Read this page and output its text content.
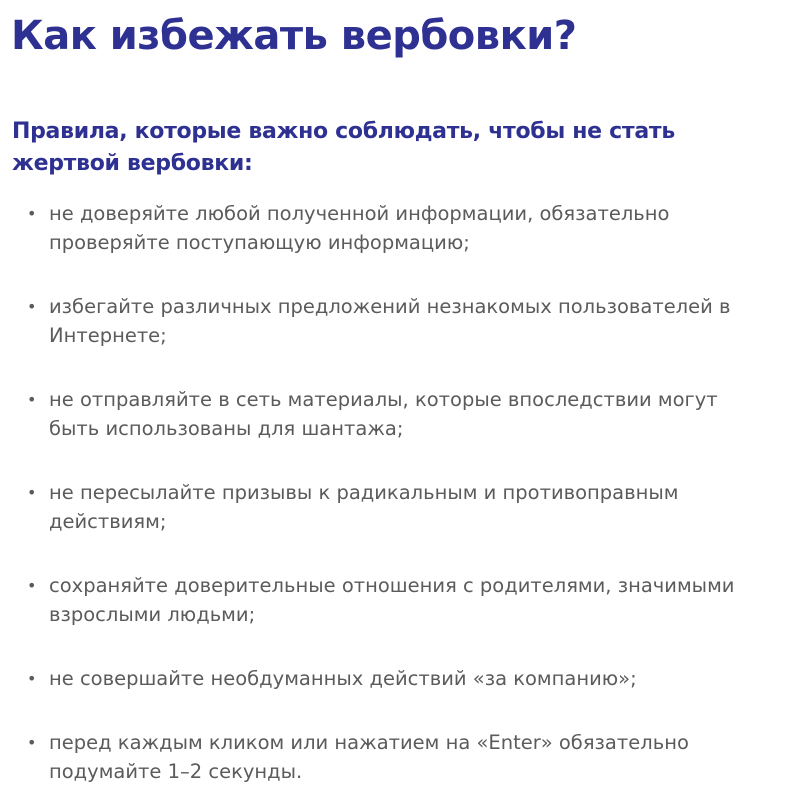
Как избежать вербовки?
Правила, которые важно соблюдать, чтобы не стать жертвой вербовки:
• не доверяйте любой полученной информации, обязательно проверяйте поступающую информацию;
• избегайте различных предложений незнакомых пользователей в Интернете;
• не отправляйте в сеть материалы, которые впоследствии могут быть использованы для шантажа;
• не пересылайте призывы к радикальным и противоправным действиям;
• сохраняйте доверительные отношения с родителями, значимыми взрослыми людьми;
• не совершайте необдуманных действий «за компанию»;
• перед каждым кликом или нажатием на «Enter» обязательно подумайте 1–2 секунды.
